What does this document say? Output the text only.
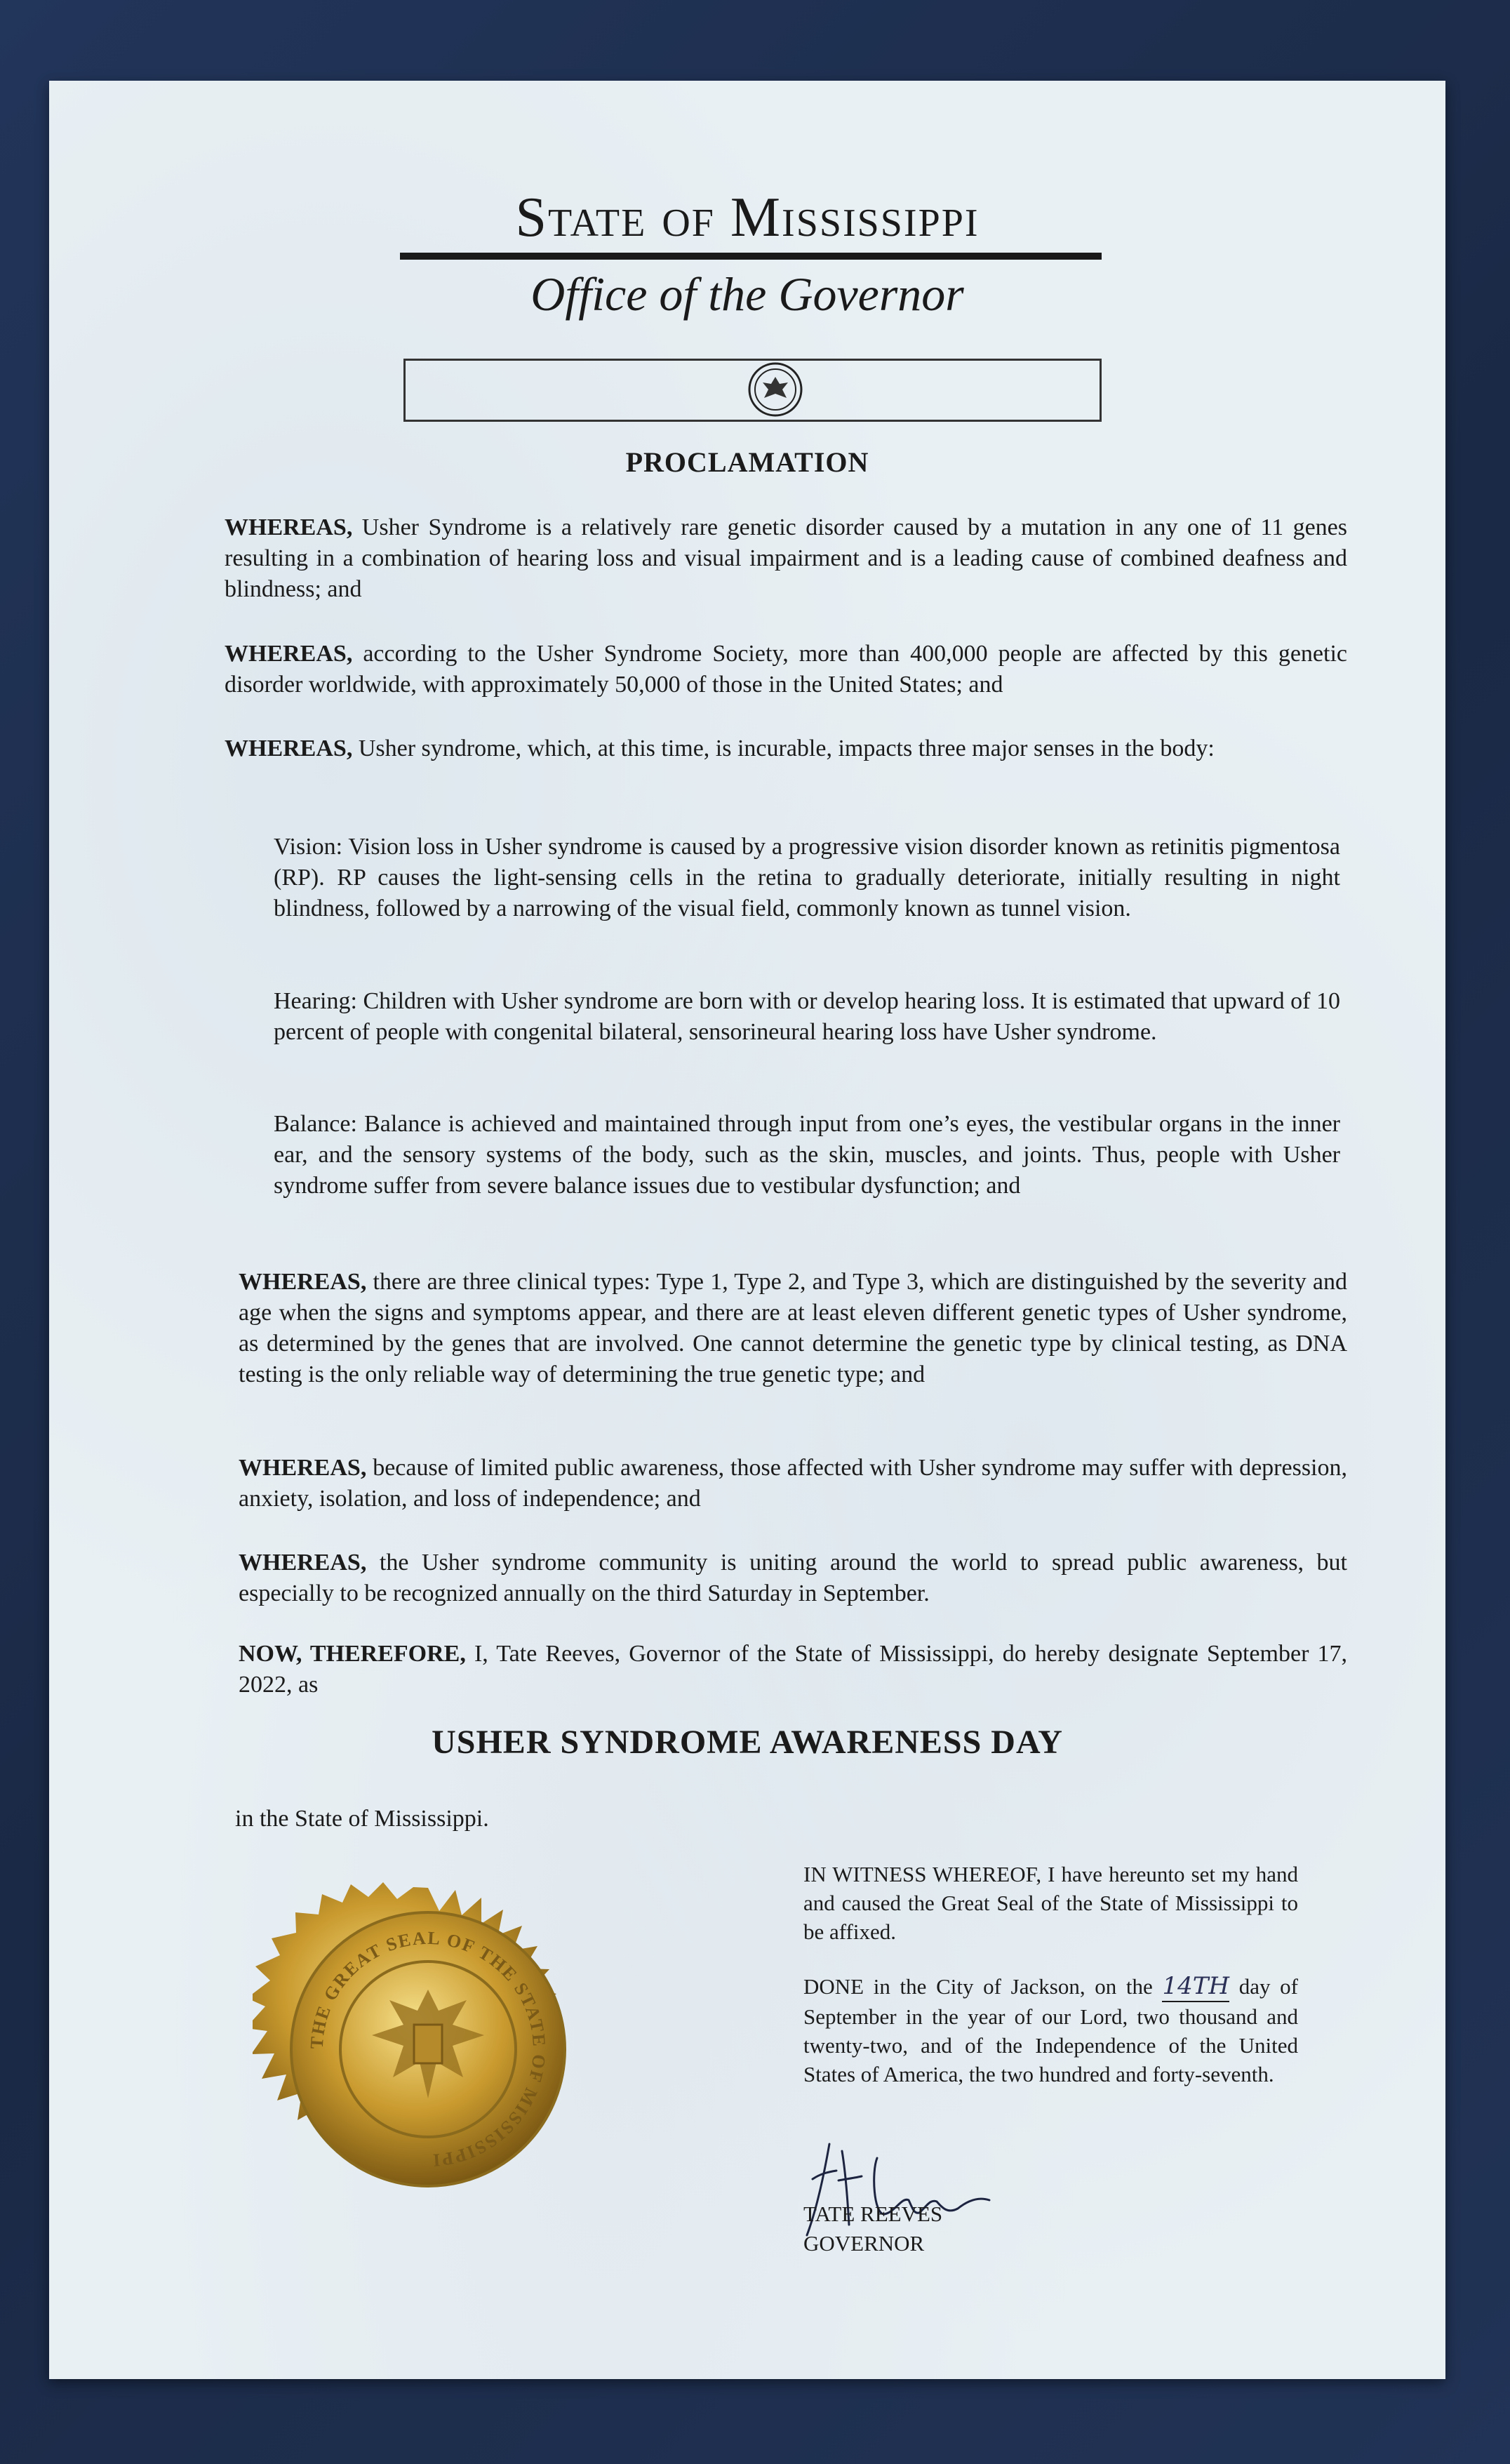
State of Mississippi
Office of the Governor
PROCLAMATION
WHEREAS, Usher Syndrome is a relatively rare genetic disorder caused by a mutation in any one of 11 genes resulting in a combination of hearing loss and visual impairment and is a leading cause of combined deafness and blindness; and
WHEREAS, according to the Usher Syndrome Society, more than 400,000 people are affected by this genetic disorder worldwide, with approximately 50,000 of those in the United States; and
WHEREAS, Usher syndrome, which, at this time, is incurable, impacts three major senses in the body:
Vision: Vision loss in Usher syndrome is caused by a progressive vision disorder known as retinitis pigmentosa (RP). RP causes the light-sensing cells in the retina to gradually deteriorate, initially resulting in night blindness, followed by a narrowing of the visual field, commonly known as tunnel vision.
Hearing: Children with Usher syndrome are born with or develop hearing loss. It is estimated that upward of 10 percent of people with congenital bilateral, sensorineural hearing loss have Usher syndrome.
Balance: Balance is achieved and maintained through input from one’s eyes, the vestibular organs in the inner ear, and the sensory systems of the body, such as the skin, muscles, and joints. Thus, people with Usher syndrome suffer from severe balance issues due to vestibular dysfunction; and
WHEREAS, there are three clinical types: Type 1, Type 2, and Type 3, which are distinguished by the severity and age when the signs and symptoms appear, and there are at least eleven different genetic types of Usher syndrome, as determined by the genes that are involved. One cannot determine the genetic type by clinical testing, as DNA testing is the only reliable way of determining the true genetic type; and
WHEREAS, because of limited public awareness, those affected with Usher syndrome may suffer with depression, anxiety, isolation, and loss of independence; and
WHEREAS, the Usher syndrome community is uniting around the world to spread public awareness, but especially to be recognized annually on the third Saturday in September.
NOW, THEREFORE, I, Tate Reeves, Governor of the State of Mississippi, do hereby designate September 17, 2022, as
USHER SYNDROME AWARENESS DAY
in the State of Mississippi.
THE GREAT SEAL OF THE STATE OF MISSISSIPPI
IN WITNESS WHEREOF, I have hereunto set my hand and caused the Great Seal of the State of Mississippi to be affixed.
DONE in the City of Jackson, on the 14TH day of September in the year of our Lord, two thousand and twenty-two, and of the Independence of the United States of America, the two hundred and forty-seventh.
TATE REEVES
GOVERNOR
